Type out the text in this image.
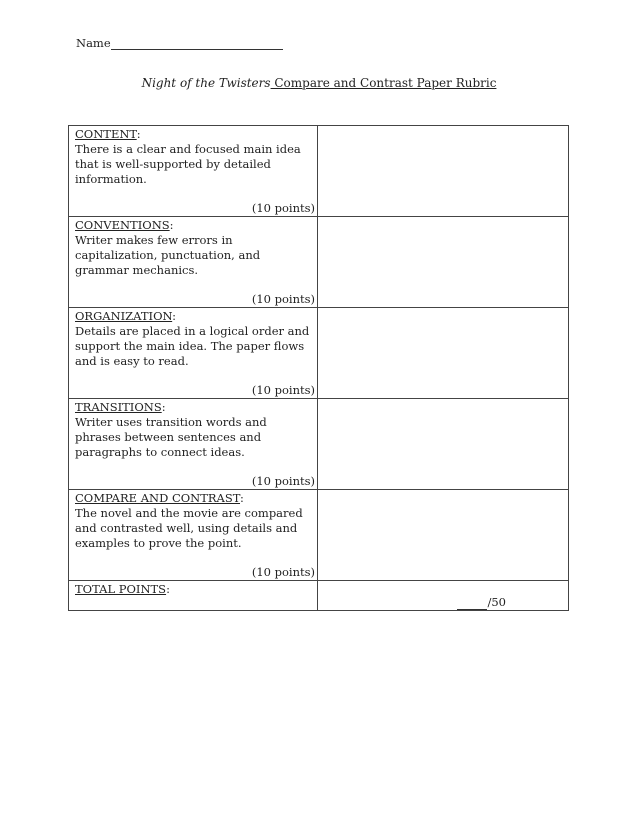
Name
Night of the Twisters Compare and Contrast Paper Rubric
CONTENT:
There is a clear and focused main idea that is well-supported by detailed information.
(10 points)	

CONVENTIONS:
Writer makes few errors in capitalization, punctuation, and grammar mechanics.
(10 points)	

ORGANIZATION:
Details are placed in a logical order and support the main idea. The paper flows and is easy to read.
(10 points)	

TRANSITIONS:
Writer uses transition words and phrases between sentences and paragraphs to connect ideas.
(10 points)	

COMPARE AND CONTRAST:
The novel and the movie are compared and contrasted well, using details and examples to prove the point.
(10 points)	

TOTAL POINTS:	/50
